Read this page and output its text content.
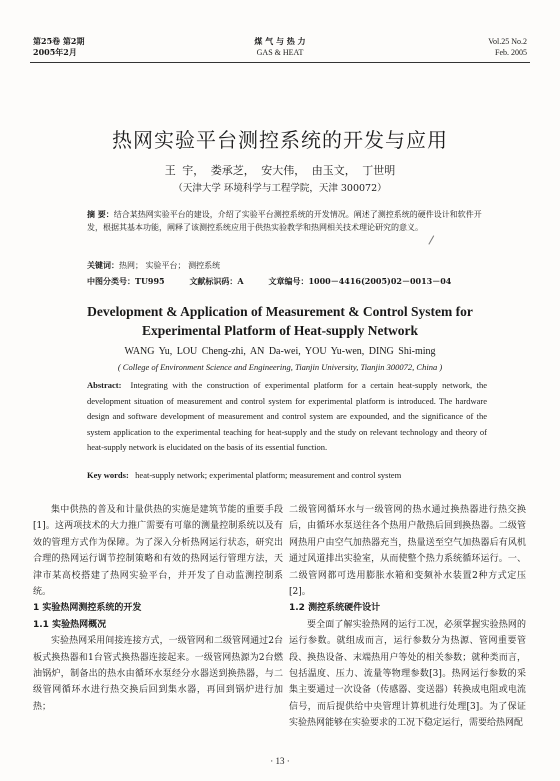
第25卷 第2期
2005年2月
煤 气 与 热 力
GAS & HEAT
Vol.25 No.2
Feb. 2005
热网实验平台测控系统的开发与应用
王 宇， 娄承芝， 安大伟， 由玉文， 丁世明
（天津大学 环境科学与工程学院，天津 300072）
摘 要：结合某热网实验平台的建设，介绍了实验平台测控系统的开发情况。阐述了测控系统的硬件设计和软件开发，根据其基本功能，阐释了该测控系统应用于供热实验教学和热网相关技术理论研究的意义。
关键词：热网； 实验平台； 测控系统
中图分类号：TU995	文献标识码：A	文章编号：1000－4416(2005)02－0013－04
Development & Application of Measurement & Control System for
Experimental Platform of Heat-supply Network
WANG Yu, LOU Cheng-zhi, AN Da-wei, YOU Yu-wen, DING Shi-ming
( College of Environment Science and Engineering, Tianjin University, Tianjin 300072, China )
Abstract: Integrating with the construction of experimental platform for a certain heat-supply network, the development situation of measurement and control system for experimental platform is introduced. The hardware design and software development of measurement and control system are expounded, and the significance of the system application to the experimental teaching for heat-supply and the study on relevant technology and theory of heat-supply network is elucidated on the basis of its essential function.
Key words: heat-supply network; experimental platform; measurement and control system

集中供热的普及和计量供热的实施是建筑节能的重要手段[1]。这两项技术的大力推广需要有可靠的测量控制系统以及有效的管理方式作为保障。为了深入分析热网运行状态，研究出合理的热网运行调节控制策略和有效的热网运行管理方法，天津市某高校搭建了热网实验平台，并开发了自动监测控制系统。

1 实验热网测控系统的开发

1.1 实验热网概况

实验热网采用间接连接方式，一级管网和二级管网通过2台板式换热器和1台管式换热器连接起来。一级管网热源为2台燃油锅炉，制备出的热水由循环水泵经分水器送到换热器，与二级管网循环水进行热交换后回到集水器，再回到锅炉进行加热；

二级管网循环水与一级管网的热水通过换热器进行热交换后，由循环水泵送往各个热用户散热后回到换热器。二级管网热用户由空气加热器充当，热量送至空气加热器后有风机通过风道排出实验室，从而使整个热力系统循环运行。一、二级管网都可选用膨胀水箱和变频补水装置2种方式定压[2]。

1.2 测控系统硬件设计

要全面了解实验热网的运行工况，必须掌握实验热网的运行参数。就组成而言，运行参数分为热源、管网重要管段、换热设备、末端热用户等处的相关参数；就种类而言，包括温度、压力、流量等物理参数[3]。热网运行参数的采集主要通过一次设备（传感器、变送器）转换成电阻或电流信号，而后提供给中央管理计算机进行处理[3]。为了保证实验热网能够在实验要求的工况下稳定运行，需要给热网配

· 13 ·
